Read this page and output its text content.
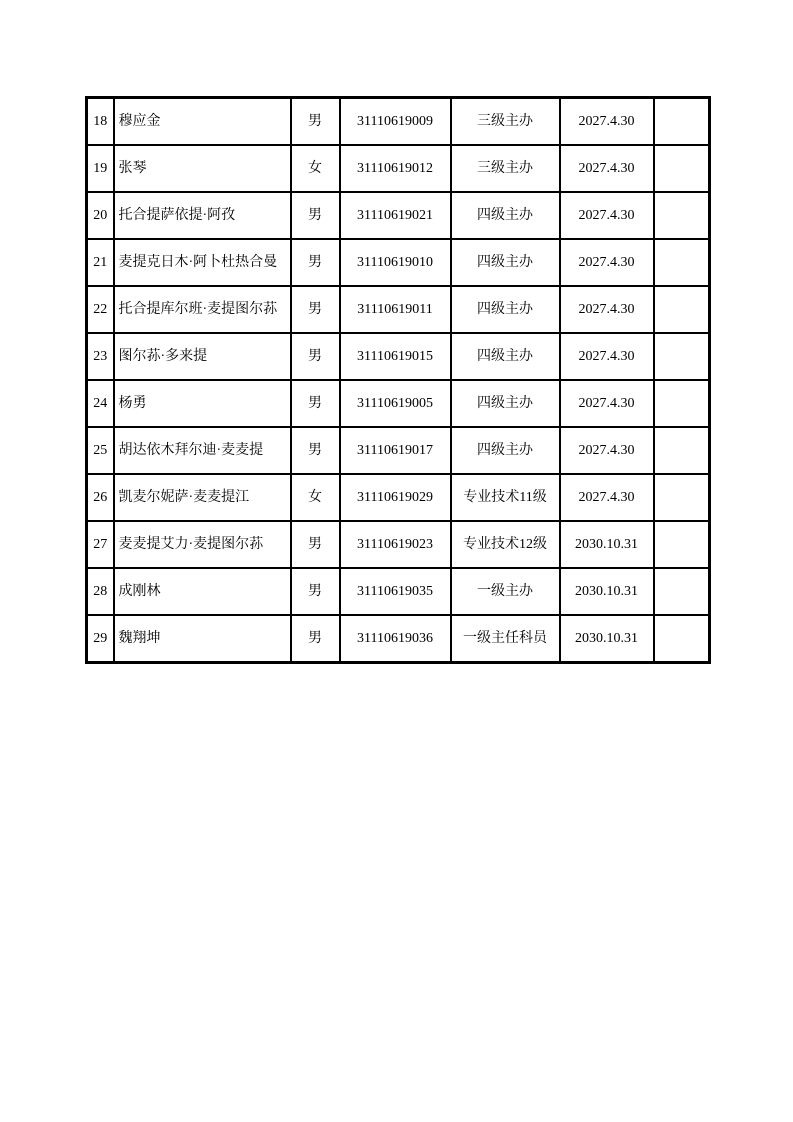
18	穆应金	男	31110619009	三级主办	2027.4.30	
19	张琴	女	31110619012	三级主办	2027.4.30	
20	托合提萨依提·阿孜	男	31110619021	四级主办	2027.4.30	
21	麦提克日木·阿卜杜热合曼	男	31110619010	四级主办	2027.4.30	
22	托合提库尔班·麦提图尔荪	男	31110619011	四级主办	2027.4.30	
23	图尔荪·多来提	男	31110619015	四级主办	2027.4.30	
24	杨勇	男	31110619005	四级主办	2027.4.30	
25	胡达依木拜尔迪·麦麦提	男	31110619017	四级主办	2027.4.30	
26	凯麦尔妮萨·麦麦提江	女	31110619029	专业技术11级	2027.4.30	
27	麦麦提艾力·麦提图尔荪	男	31110619023	专业技术12级	2030.10.31	
28	成刚林	男	31110619035	一级主办	2030.10.31	
29	魏翔坤	男	31110619036	一级主任科员	2030.10.31	
